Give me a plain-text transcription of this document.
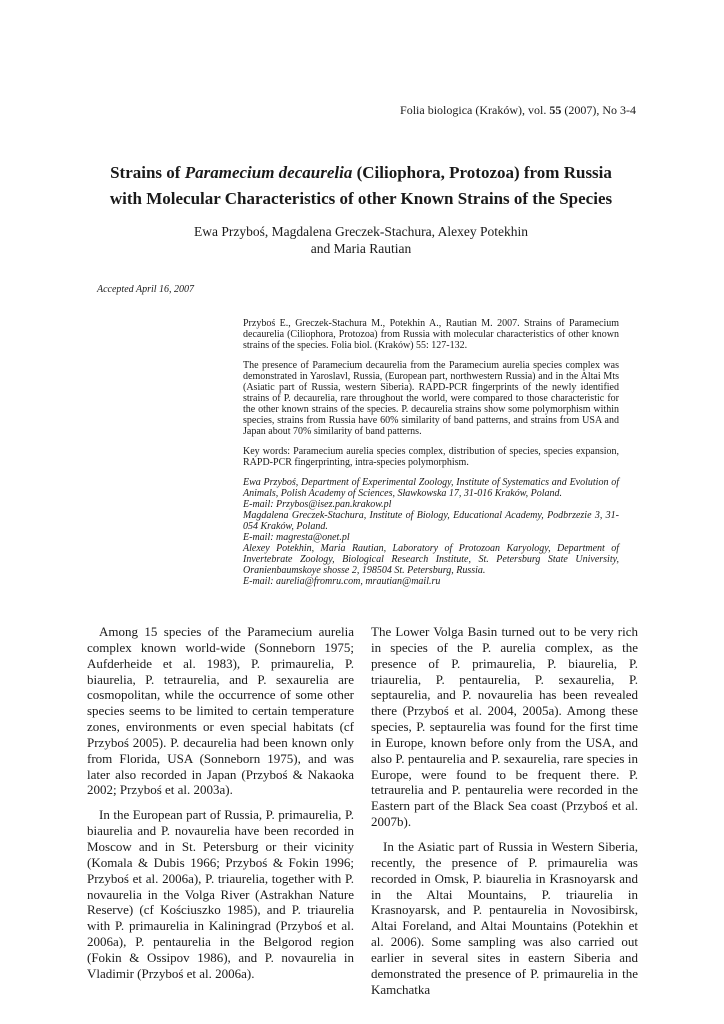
Folia biologica (Kraków), vol. 55 (2007), No 3-4
Strains of Paramecium decaurelia (Ciliophora, Protozoa) from Russia
with Molecular Characteristics of other Known Strains of the Species
Ewa Przyboś, Magdalena Greczek-Stachura, Alexey Potekhin
and Maria Rautian
Accepted April 16, 2007

Przyboś E., Greczek-Stachura M., Potekhin A., Rautian M. 2007. Strains of Paramecium decaurelia (Ciliophora, Protozoa) from Russia with molecular characteristics of other known strains of the species. Folia biol. (Kraków) 55: 127-132.

The presence of Paramecium decaurelia from the Paramecium aurelia species complex was demonstrated in Yaroslavl, Russia, (European part, northwestern Russia) and in the Altai Mts (Asiatic part of Russia, western Siberia). RAPD-PCR fingerprints of the newly identified strains of P. decaurelia, rare throughout the world, were compared to those characteristic for the other known strains of the species. P. decaurelia strains show some polymorphism within species, strains from Russia have 60% similarity of band patterns, and strains from USA and Japan about 70% similarity of band patterns.

Key words: Paramecium aurelia species complex, distribution of species, species expansion, RAPD-PCR fingerprinting, intra-species polymorphism.

Ewa Przyboś, Department of Experimental Zoology, Institute of Systematics and Evolution of Animals, Polish Academy of Sciences, Sławkowska 17, 31-016 Kraków, Poland.
E-mail: Przybos@isez.pan.krakow.pl
Magdalena Greczek-Stachura, Institute of Biology, Educational Academy, Podbrzezie 3, 31-054 Kraków, Poland.
E-mail: magresta@onet.pl
Alexey Potekhin, Maria Rautian, Laboratory of Protozoan Karyology, Department of Invertebrate Zoology, Biological Research Institute, St. Petersburg State University, Oranienbaumskoye shosse 2, 198504 St. Petersburg, Russia.
E-mail: aurelia@fromru.com, mrautian@mail.ru

Among 15 species of the Paramecium aurelia complex known world-wide (Sonneborn 1975; Aufderheide et al. 1983), P. primaurelia, P. biaurelia, P. tetraurelia, and P. sexaurelia are cosmopolitan, while the occurrence of some other species seems to be limited to certain temperature zones, environments or even special habitats (cf Przyboś 2005). P. decaurelia had been known only from Florida, USA (Sonneborn 1975), and was later also recorded in Japan (Przyboś & Nakaoka 2002; Przyboś et al. 2003a).

In the European part of Russia, P. primaurelia, P. biaurelia and P. novaurelia have been recorded in Moscow and in St. Petersburg or their vicinity (Komala & Dubis 1966; Przyboś & Fokin 1996; Przyboś et al. 2006a), P. triaurelia, together with P. novaurelia in the Volga River (Astrakhan Nature Reserve) (cf Kościuszko 1985), and P. triaurelia with P. primaurelia in Kaliningrad (Przyboś et al. 2006a), P. pentaurelia in the Belgorod region (Fokin & Ossipov 1986), and P. novaurelia in Vladimir (Przyboś et al. 2006a).

The Lower Volga Basin turned out to be very rich in species of the P. aurelia complex, as the presence of P. primaurelia, P. biaurelia, P. triaurelia, P. pentaurelia, P. sexaurelia, P. septaurelia, and P. novaurelia has been revealed there (Przyboś et al. 2004, 2005a). Among these species, P. septaurelia was found for the first time in Europe, known before only from the USA, and also P. pentaurelia and P. sexaurelia, rare species in Europe, were found to be frequent there. P. tetraurelia and P. pentaurelia were recorded in the Eastern part of the Black Sea coast (Przyboś et al. 2007b).

In the Asiatic part of Russia in Western Siberia, recently, the presence of P. primaurelia was recorded in Omsk, P. biaurelia in Krasnoyarsk and in the Altai Mountains, P. triaurelia in Krasnoyarsk, and P. pentaurelia in Novosibirsk, Altai Foreland, and Altai Mountains (Potekhin et al. 2006). Some sampling was also carried out earlier in several sites in eastern Siberia and demonstrated the presence of P. primaurelia in the Kamchatka
